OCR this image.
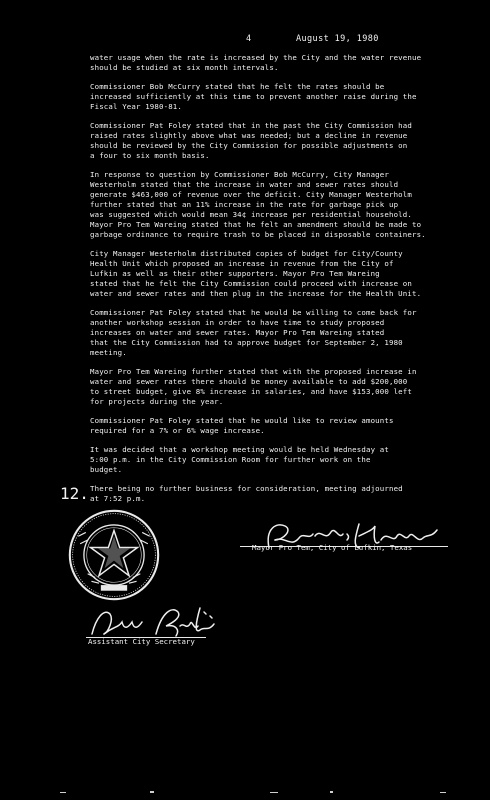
4	August 19, 1980

water usage when the rate is increased by the City and the water revenue
should be studied at six month intervals.

Commissioner Bob McCurry stated that he felt the rates should be
increased sufficiently at this time to prevent another raise during the
Fiscal Year 1980-81.

Commissioner Pat Foley stated that in the past the City Commission had
raised rates slightly above what was needed; but a decline in revenue
should be reviewed by the City Commission for possible adjustments on
a four to six month basis.

In response to question by Commissioner Bob McCurry, City Manager
Westerholm stated that the increase in water and sewer rates should
generate $463,000 of revenue over the deficit. City Manager Westerholm
further stated that an 11% increase in the rate for garbage pick up
was suggested which would mean 34¢ increase per residential household.
Mayor Pro Tem Wareing stated that he felt an amendment should be made to
garbage ordinance to require trash to be placed in disposable containers.

City Manager Westerholm distributed copies of budget for City/County
Health Unit which proposed an increase in revenue from the City of
Lufkin as well as their other supporters. Mayor Pro Tem Wareing
stated that he felt the City Commission could proceed with increase on
water and sewer rates and then plug in the increase for the Health Unit.

Commissioner Pat Foley stated that he would be willing to come back for
another workshop session in order to have time to study proposed
increases on water and sewer rates. Mayor Pro Tem Wareing stated
that the City Commission had to approve budget for September 2, 1980
meeting.

Mayor Pro Tem Wareing further stated that with the proposed increase in
water and sewer rates there should be money available to add $200,000
to street budget, give 8% increase in salaries, and have $153,000 left
for projects during the year.

Commissioner Pat Foley stated that he would like to review amounts
required for a 7% or 6% wage increase.

It was decided that a workshop meeting would be held Wednesday at
5:00 p.m. in the City Commission Room for further work on the
budget.

12. There being no further business for consideration, meeting adjourned
at 7:52 p.m.

Mayor Pro Tem, City of Lufkin, Texas
Assistant City Secretary
